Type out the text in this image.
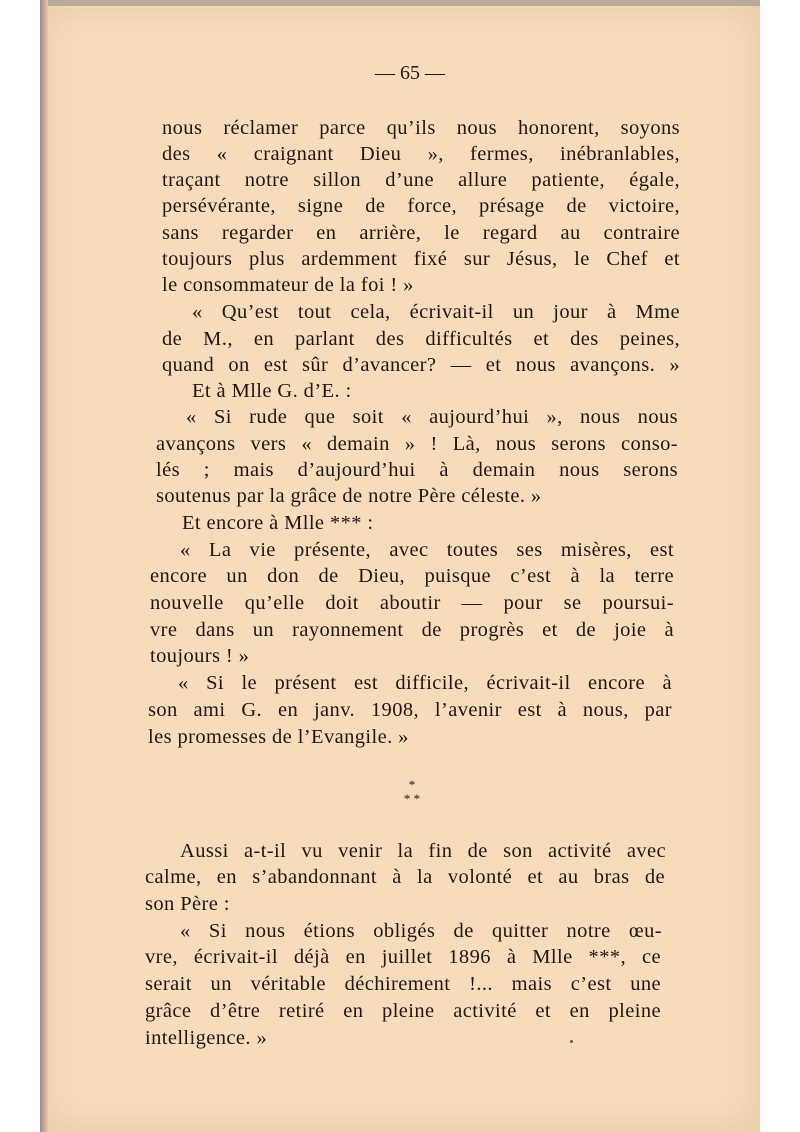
— 65 —
nous réclamer parce qu’ils nous honorent, soyons
des « craignant Dieu », fermes, inébranlables,
traçant notre sillon d’une allure patiente, égale,
persévérante, signe de force, présage de victoire,
sans regarder en arrière, le regard au contraire
toujours plus ardemment fixé sur Jésus, le Chef et
le consommateur de la foi ! »
« Qu’est tout cela, écrivait-il un jour à Mme
de M., en parlant des difficultés et des peines,
quand on est sûr d’avancer? — et nous avançons. »
Et à Mlle G. d’E. :
« Si rude que soit « aujourd’hui », nous nous
avançons vers « demain » ! Là, nous serons conso-
lés ; mais d’aujourd’hui à demain nous serons
soutenus par la grâce de notre Père céleste. »
Et encore à Mlle *** :
« La vie présente, avec toutes ses misères, est
encore un don de Dieu, puisque c’est à la terre
nouvelle qu’elle doit aboutir — pour se poursui-
vre dans un rayonnement de progrès et de joie à
toujours ! »
« Si le présent est difficile, écrivait-il encore à
son ami G. en janv. 1908, l’avenir est à nous, par
les promesses de l’Evangile. »
Aussi a-t-il vu venir la fin de son activité avec
calme, en s’abandonnant à la volonté et au bras de
son Père :
« Si nous étions obligés de quitter notre œu-
vre, écrivait-il déjà en juillet 1896 à Mlle ***, ce
serait un véritable déchirement !... mais c’est une
grâce d’être retiré en pleine activité et en pleine
intelligence. »
*
* *
